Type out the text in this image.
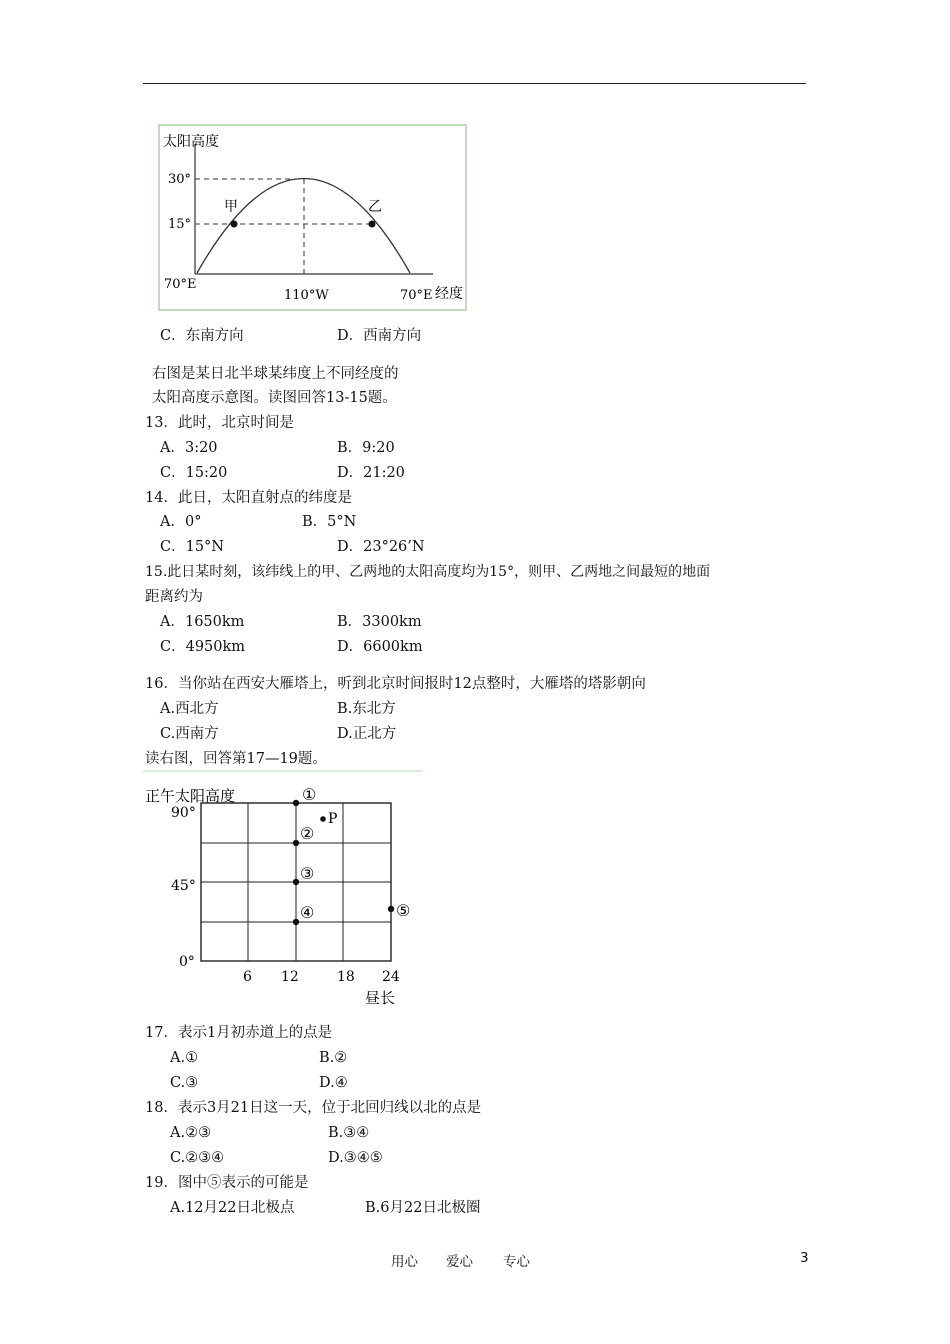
太阳高度
30°
15°
70°E
110°W	70°E 经度
甲	乙
C．东南方向	D．西南方向
右图是某日北半球某纬度上不同经度的
太阳高度示意图。读图回答13-15题。
13．此时，北京时间是
A．3:20	B．9:20
C．15:20	D．21:20
14．此日，太阳直射点的纬度是
A．0°	B．5°N
C．15°N	D．23°26’N
15.此日某时刻，该纬线上的甲、乙两地的太阳高度均为15°，则甲、乙两地之间最短的地面
距离约为
A．1650km	B．3300km
C．4950km	D．6600km
16．当你站在西安大雁塔上，听到北京时间报时12点整时，大雁塔的塔影朝向
A.西北方	B.东北方
C.西南方	D.正北方
读右图，回答第17—19题。
正午太阳高度
90°
45°
0°
6 12	18 24
昼长
①
②
③
④	⑤
P
17．表示1月初赤道上的点是
A.①	B.②
C.③	D.④
18．表示3月21日这一天，位于北回归线以北的点是
A.②③	B.③④
C.②③④	D.③④⑤
19．图中⑤表示的可能是
A.12月22日北极点	B.6月22日北极圈
用心 爱心 专心	3
